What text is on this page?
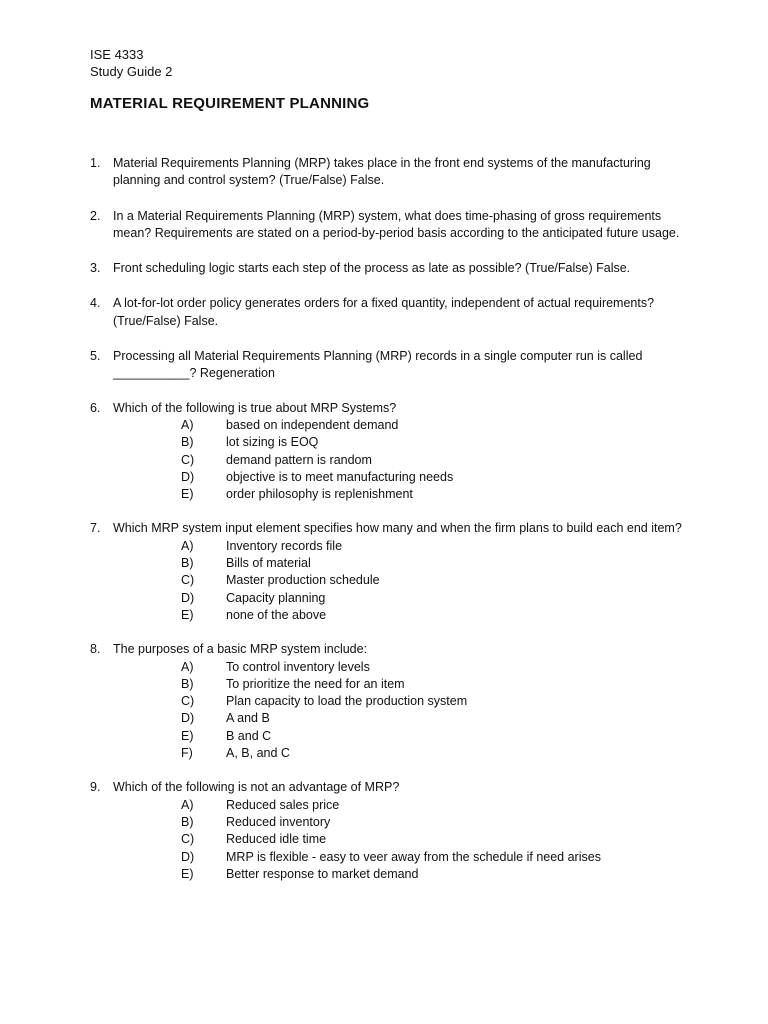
ISE 4333
Study Guide 2
MATERIAL REQUIREMENT PLANNING
1. Material Requirements Planning (MRP) takes place in the front end systems of the manufacturing planning and control system? (True/False) False.
2. In a Material Requirements Planning (MRP) system, what does time-phasing of gross requirements mean? Requirements are stated on a period-by-period basis according to the anticipated future usage.
3. Front scheduling logic starts each step of the process as late as possible? (True/False) False.
4. A lot-for-lot order policy generates orders for a fixed quantity, independent of actual requirements? (True/False) False.
5. Processing all Material Requirements Planning (MRP) records in a single computer run is called ___________? Regeneration
6. Which of the following is true about MRP Systems?
A)	based on independent demand
B)	lot sizing is EOQ
C)	demand pattern is random
D)	objective is to meet manufacturing needs
E)	order philosophy is replenishment
7. Which MRP system input element specifies how many and when the firm plans to build each end item?
A)	Inventory records file
B)	Bills of material
C)	Master production schedule
D)	Capacity planning
E)	none of the above
8. The purposes of a basic MRP system include:
A)	To control inventory levels
B)	To prioritize the need for an item
C)	Plan capacity to load the production system
D)	A and B
E)	B and C
F)	A, B, and C
9. Which of the following is not an advantage of MRP?
A)	Reduced sales price
B)	Reduced inventory
C)	Reduced idle time
D)	MRP is flexible - easy to veer away from the schedule if need arises
E)	Better response to market demand
